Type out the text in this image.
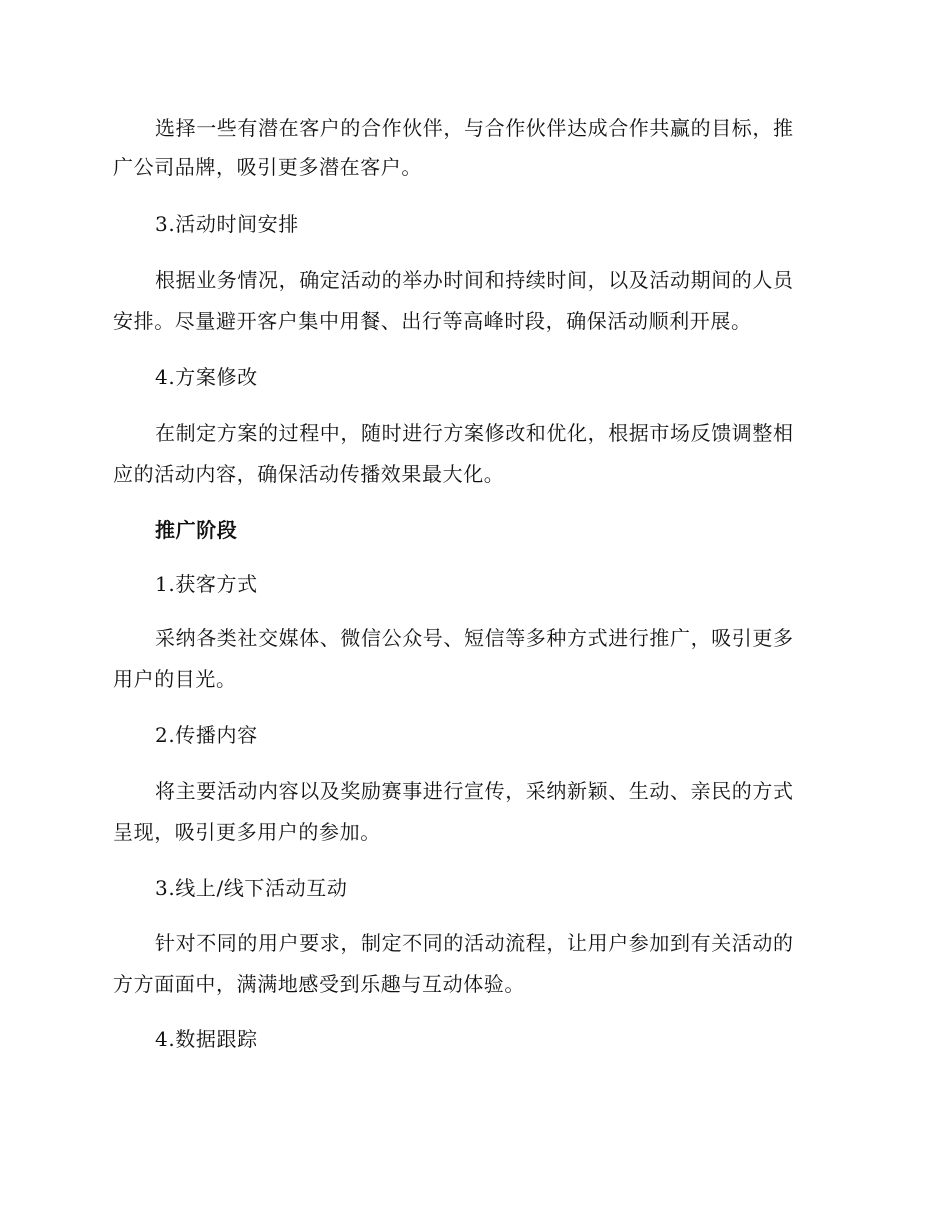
选择一些有潜在客户的合作伙伴，与合作伙伴达成合作共赢的目标，推
广公司品牌，吸引更多潜在客户。
3.活动时间安排
根据业务情况，确定活动的举办时间和持续时间，以及活动期间的人员
安排。尽量避开客户集中用餐、出行等高峰时段，确保活动顺利开展。
4.方案修改
在制定方案的过程中，随时进行方案修改和优化，根据市场反馈调整相
应的活动内容，确保活动传播效果最大化。
推广阶段
1.获客方式
采纳各类社交媒体、微信公众号、短信等多种方式进行推广，吸引更多
用户的目光。
2.传播内容
将主要活动内容以及奖励赛事进行宣传，采纳新颖、生动、亲民的方式
呈现，吸引更多用户的参加。
3.线上/线下活动互动
针对不同的用户要求，制定不同的活动流程，让用户参加到有关活动的
方方面面中，满满地感受到乐趣与互动体验。
4.数据跟踪
